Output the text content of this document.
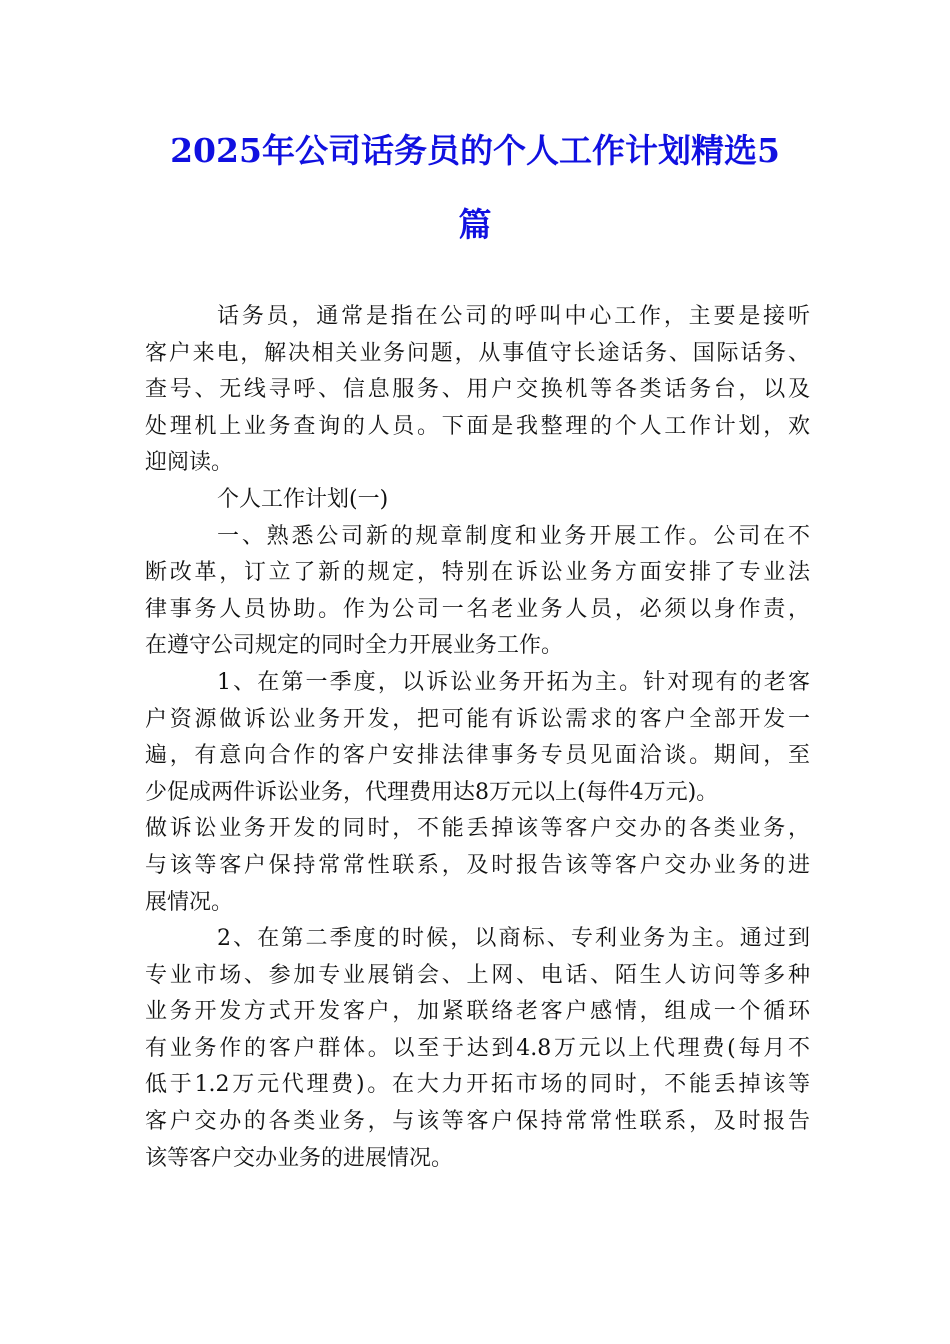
2025年公司话务员的个人工作计划精选5
篇
话务员，通常是指在公司的呼叫中心工作，主要是接听
客户来电，解决相关业务问题，从事值守长途话务、国际话务、
查号、无线寻呼、信息服务、用户交换机等各类话务台，以及
处理机上业务查询的人员。下面是我整理的个人工作计划，欢
迎阅读。
个人工作计划(一)
一、熟悉公司新的规章制度和业务开展工作。公司在不
断改革，订立了新的规定，特别在诉讼业务方面安排了专业法
律事务人员协助。作为公司一名老业务人员，必须以身作责，
在遵守公司规定的同时全力开展业务工作。
1、在第一季度，以诉讼业务开拓为主。针对现有的老客
户资源做诉讼业务开发，把可能有诉讼需求的客户全部开发一
遍，有意向合作的客户安排法律事务专员见面洽谈。期间，至
少促成两件诉讼业务，代理费用达8万元以上(每件4万元)。
做诉讼业务开发的同时，不能丢掉该等客户交办的各类业务，
与该等客户保持常常性联系，及时报告该等客户交办业务的进
展情况。
2、在第二季度的时候，以商标、专利业务为主。通过到
专业市场、参加专业展销会、上网、电话、陌生人访问等多种
业务开发方式开发客户，加紧联络老客户感情，组成一个循环
有业务作的客户群体。以至于达到4.8万元以上代理费(每月不
低于1.2万元代理费)。在大力开拓市场的同时，不能丢掉该等
客户交办的各类业务，与该等客户保持常常性联系，及时报告
该等客户交办业务的进展情况。
